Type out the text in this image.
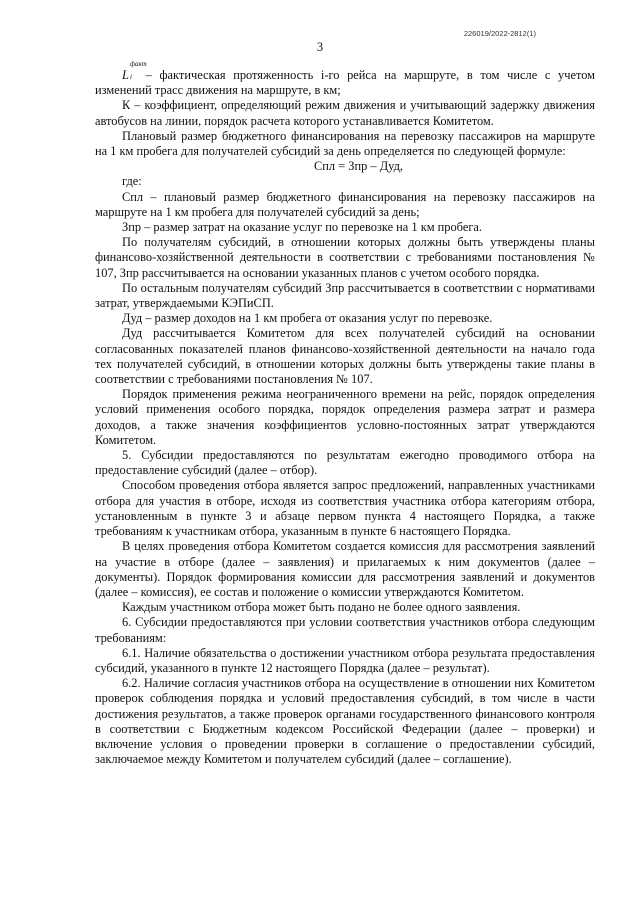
226019/2022-2812(1)
3

L
факт
i – фактическая протяженность i-го рейса на маршруте, в том числе с учетом изменений трасс движения на маршруте, в км;

К – коэффициент, определяющий режим движения и учитывающий задержку движения автобусов на линии, порядок расчета которого устанавливается Комитетом.

Плановый размер бюджетного финансирования на перевозку пассажиров на маршруте на 1 км пробега для получателей субсидий за день определяется по следующей формуле:

Спл = Зпр – Дуд,

где:

Спл – плановый размер бюджетного финансирования на перевозку пассажиров на маршруте на 1 км пробега для получателей субсидий за день;

Зпр – размер затрат на оказание услуг по перевозке на 1 км пробега.

По получателям субсидий, в отношении которых должны быть утверждены планы финансово-хозяйственной деятельности в соответствии с требованиями постановления № 107, Зпр рассчитывается на основании указанных планов с учетом особого порядка.

По остальным получателям субсидий Зпр рассчитывается в соответствии с нормативами затрат, утверждаемыми КЭПиСП.

Дуд – размер доходов на 1 км пробега от оказания услуг по перевозке.

Дуд рассчитывается Комитетом для всех получателей субсидий на основании согласованных показателей планов финансово-хозяйственной деятельности на начало года тех получателей субсидий, в отношении которых должны быть утверждены такие планы в соответствии с требованиями постановления № 107.

Порядок применения режима неограниченного времени на рейс, порядок определения условий применения особого порядка, порядок определения размера затрат и размера доходов, а также значения коэффициентов условно-постоянных затрат утверждаются Комитетом.

5. Субсидии предоставляются по результатам ежегодно проводимого отбора на предоставление субсидий (далее – отбор).

Способом проведения отбора является запрос предложений, направленных участниками отбора для участия в отборе, исходя из соответствия участника отбора категориям отбора, установленным в пункте 3 и абзаце первом пункта 4 настоящего Порядка, а также требованиям к участникам отбора, указанным в пункте 6 настоящего Порядка.

В целях проведения отбора Комитетом создается комиссия для рассмотрения заявлений на участие в отборе (далее – заявления) и прилагаемых к ним документов (далее – документы). Порядок формирования комиссии для рассмотрения заявлений и документов (далее – комиссия), ее состав и положение о комиссии утверждаются Комитетом.

Каждым участником отбора может быть подано не более одного заявления.

6. Субсидии предоставляются при условии соответствия участников отбора следующим требованиям:

6.1. Наличие обязательства о достижении участником отбора результата предоставления субсидий, указанного в пункте 12 настоящего Порядка (далее – результат).

6.2. Наличие согласия участников отбора на осуществление в отношении них Комитетом проверок соблюдения порядка и условий предоставления субсидий, в том числе в части достижения результатов, а также проверок органами государственного финансового контроля в соответствии с Бюджетным кодексом Российской Федерации (далее – проверки) и включение условия о проведении проверки в соглашение о предоставлении субсидий, заключаемое между Комитетом и получателем субсидий (далее – соглашение).
